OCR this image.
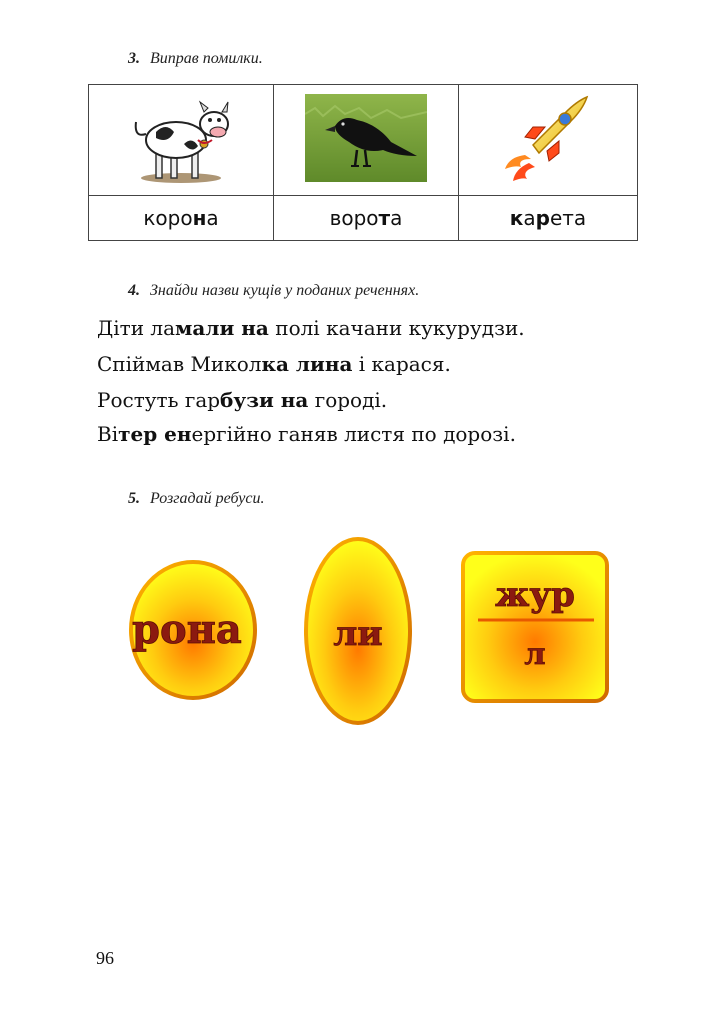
3. Виправ помилки.

корона	ворота	карета
4. Знайди назви кущів у поданих реченнях.
Діти ламали на полі качани кукурудзи.
Спіймав Миколка лина і карася.
Ростуть гарбузи на городі.
Вітер енергійно ганяв листя по дорозі.
5. Розгадай ребуси.
рона	ли
жур
л
96
